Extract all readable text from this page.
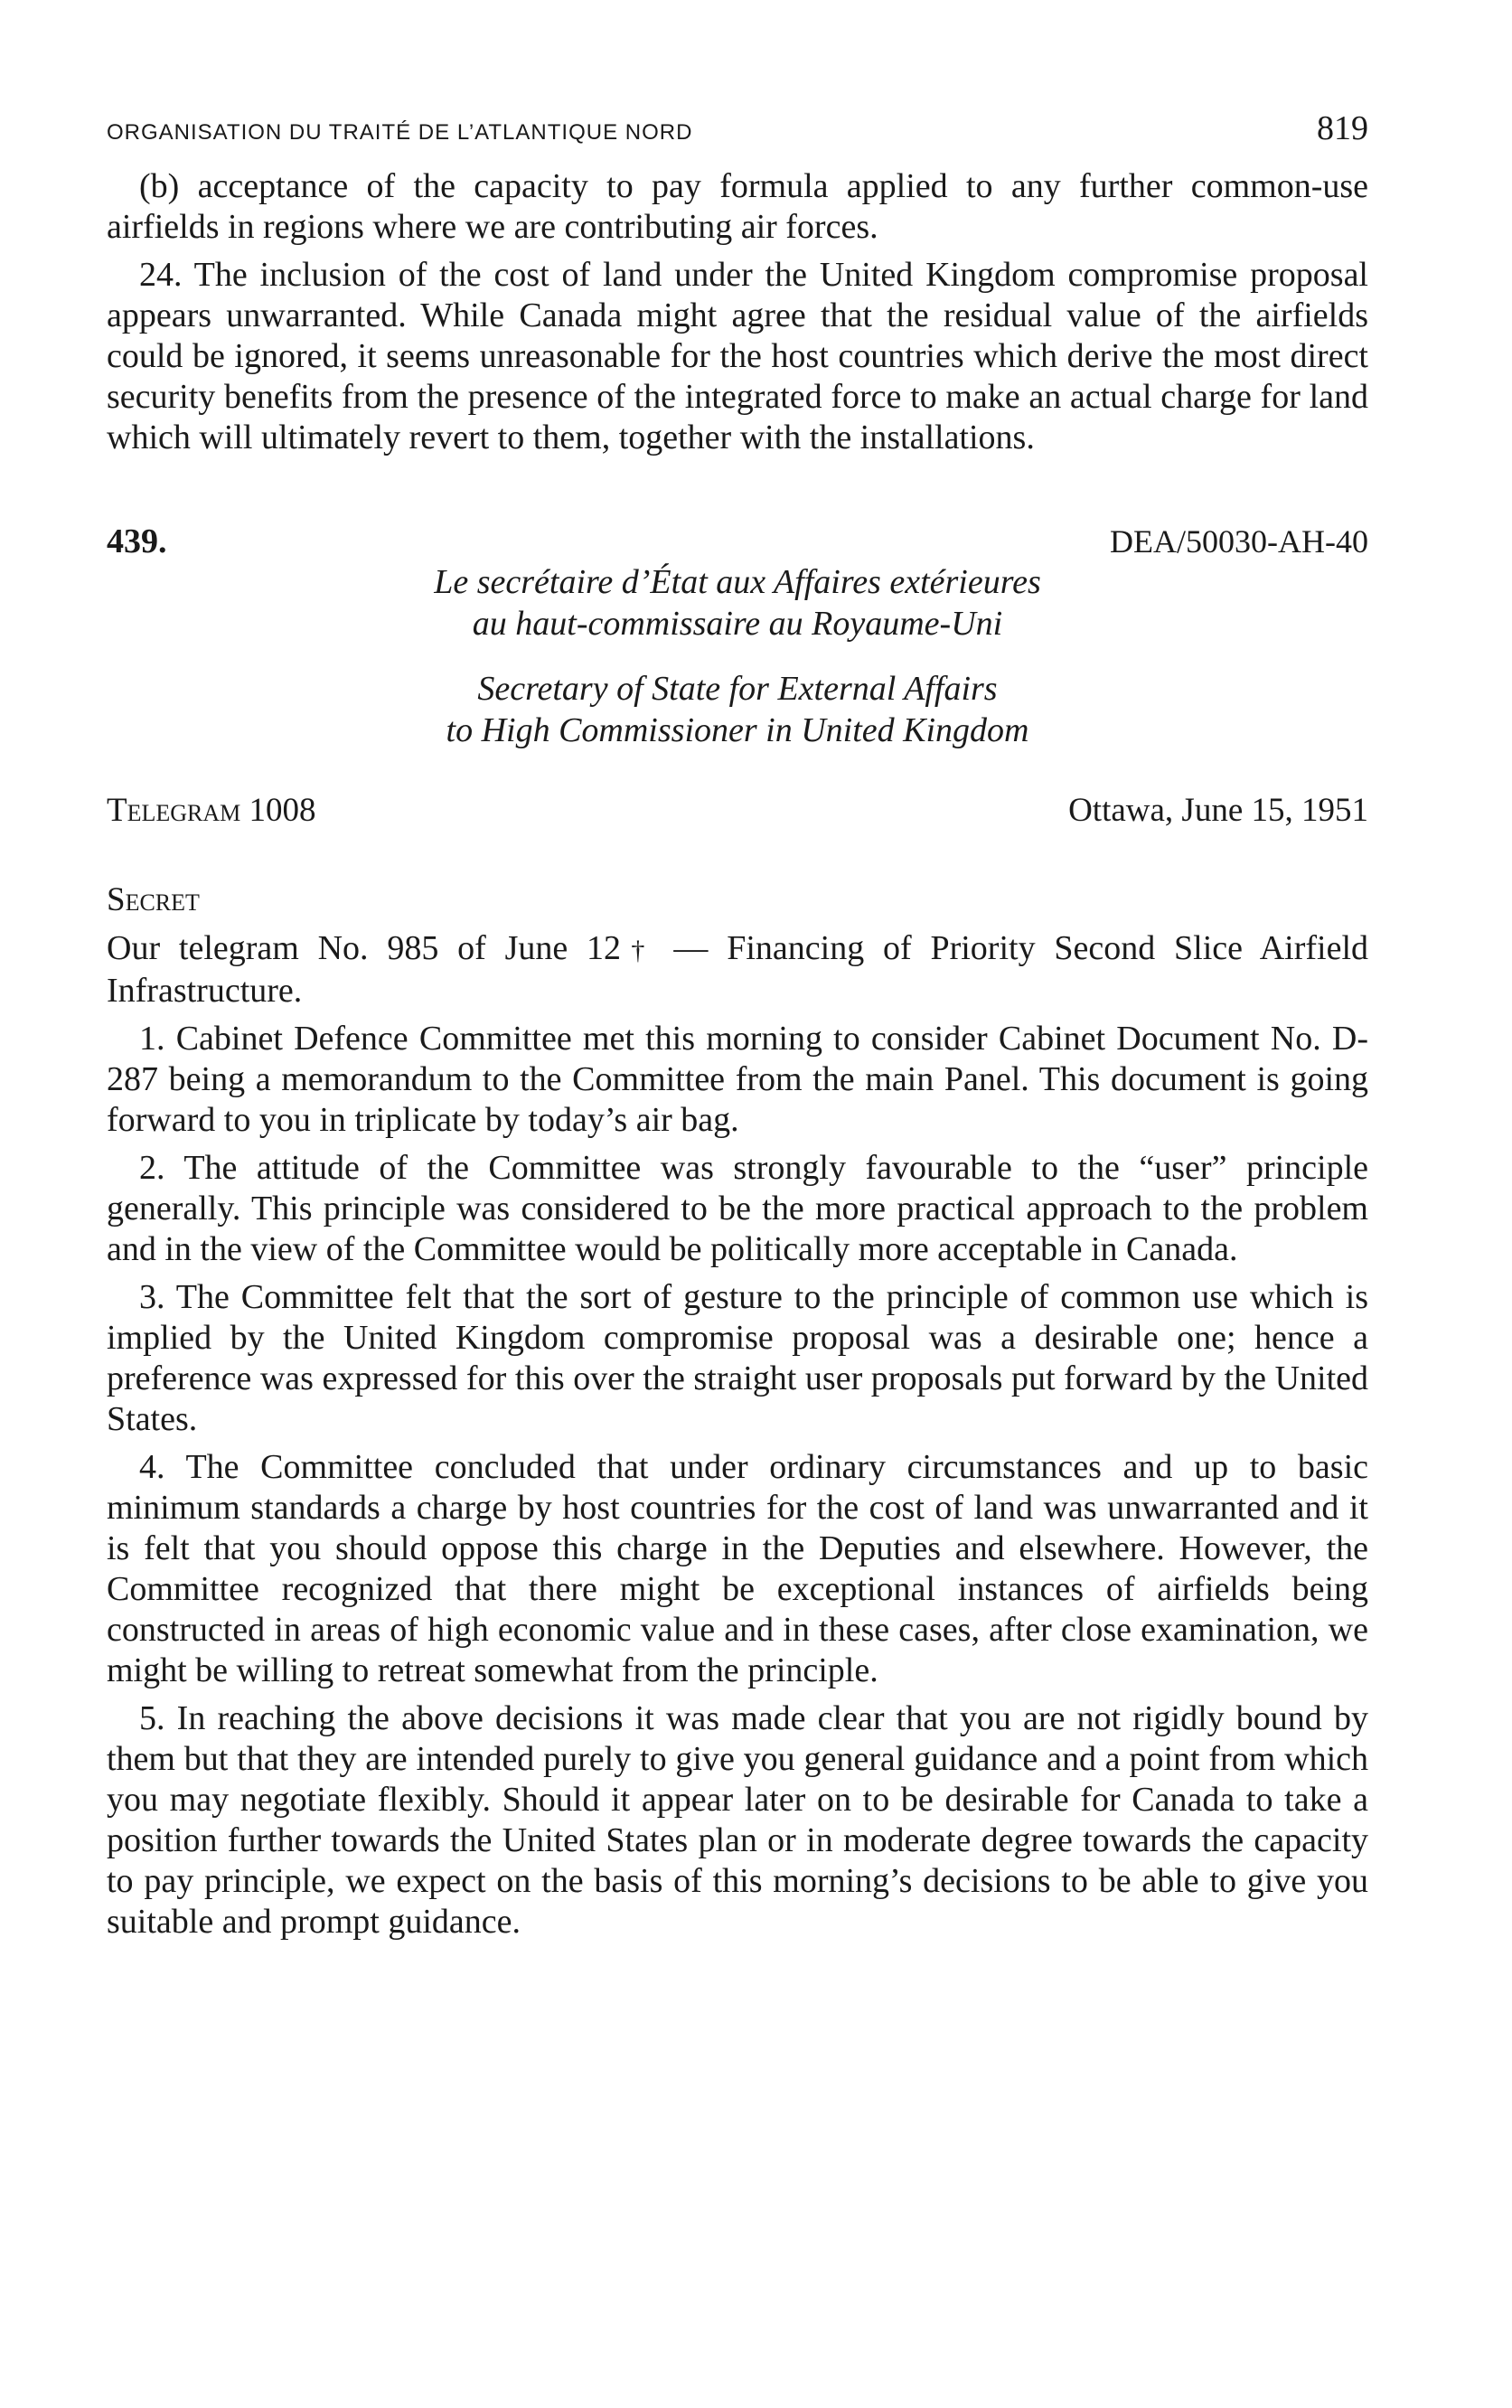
ORGANISATION DU TRAITÉ DE L’ATLANTIQUE NORD	819

(b) acceptance of the capacity to pay formula applied to any further common-use airfields in regions where we are contributing air forces.

24. The inclusion of the cost of land under the United Kingdom compromise proposal appears unwarranted. While Canada might agree that the residual value of the airfields could be ignored, it seems unreasonable for the host countries which derive the most direct security benefits from the presence of the integrated force to make an actual charge for land which will ultimately revert to them, together with the installations.

439.	DEA/50030-AH-40
Le secrétaire d’État aux Affaires extérieures
au haut-commissaire au Royaume-Uni
Secretary of State for External Affairs
to High Commissioner in United Kingdom
Telegram 1008	Ottawa, June 15, 1951
Secret

Our telegram No. 985 of June 12† — Financing of Priority Second Slice Airfield Infrastructure.

1. Cabinet Defence Committee met this morning to consider Cabinet Document No. D-287 being a memorandum to the Committee from the main Panel. This document is going forward to you in triplicate by today’s air bag.

2. The attitude of the Committee was strongly favourable to the “user” principle generally. This principle was considered to be the more practical approach to the problem and in the view of the Committee would be politically more acceptable in Canada.

3. The Committee felt that the sort of gesture to the principle of common use which is implied by the United Kingdom compromise proposal was a desirable one; hence a preference was expressed for this over the straight user proposals put forward by the United States.

4. The Committee concluded that under ordinary circumstances and up to basic minimum standards a charge by host countries for the cost of land was unwarranted and it is felt that you should oppose this charge in the Deputies and elsewhere. However, the Committee recognized that there might be exceptional instances of airfields being constructed in areas of high economic value and in these cases, after close examination, we might be willing to retreat somewhat from the principle.

5. In reaching the above decisions it was made clear that you are not rigidly bound by them but that they are intended purely to give you general guidance and a point from which you may negotiate flexibly. Should it appear later on to be desirable for Canada to take a position further towards the United States plan or in moderate degree towards the capacity to pay principle, we expect on the basis of this morning’s decisions to be able to give you suitable and prompt guidance.
